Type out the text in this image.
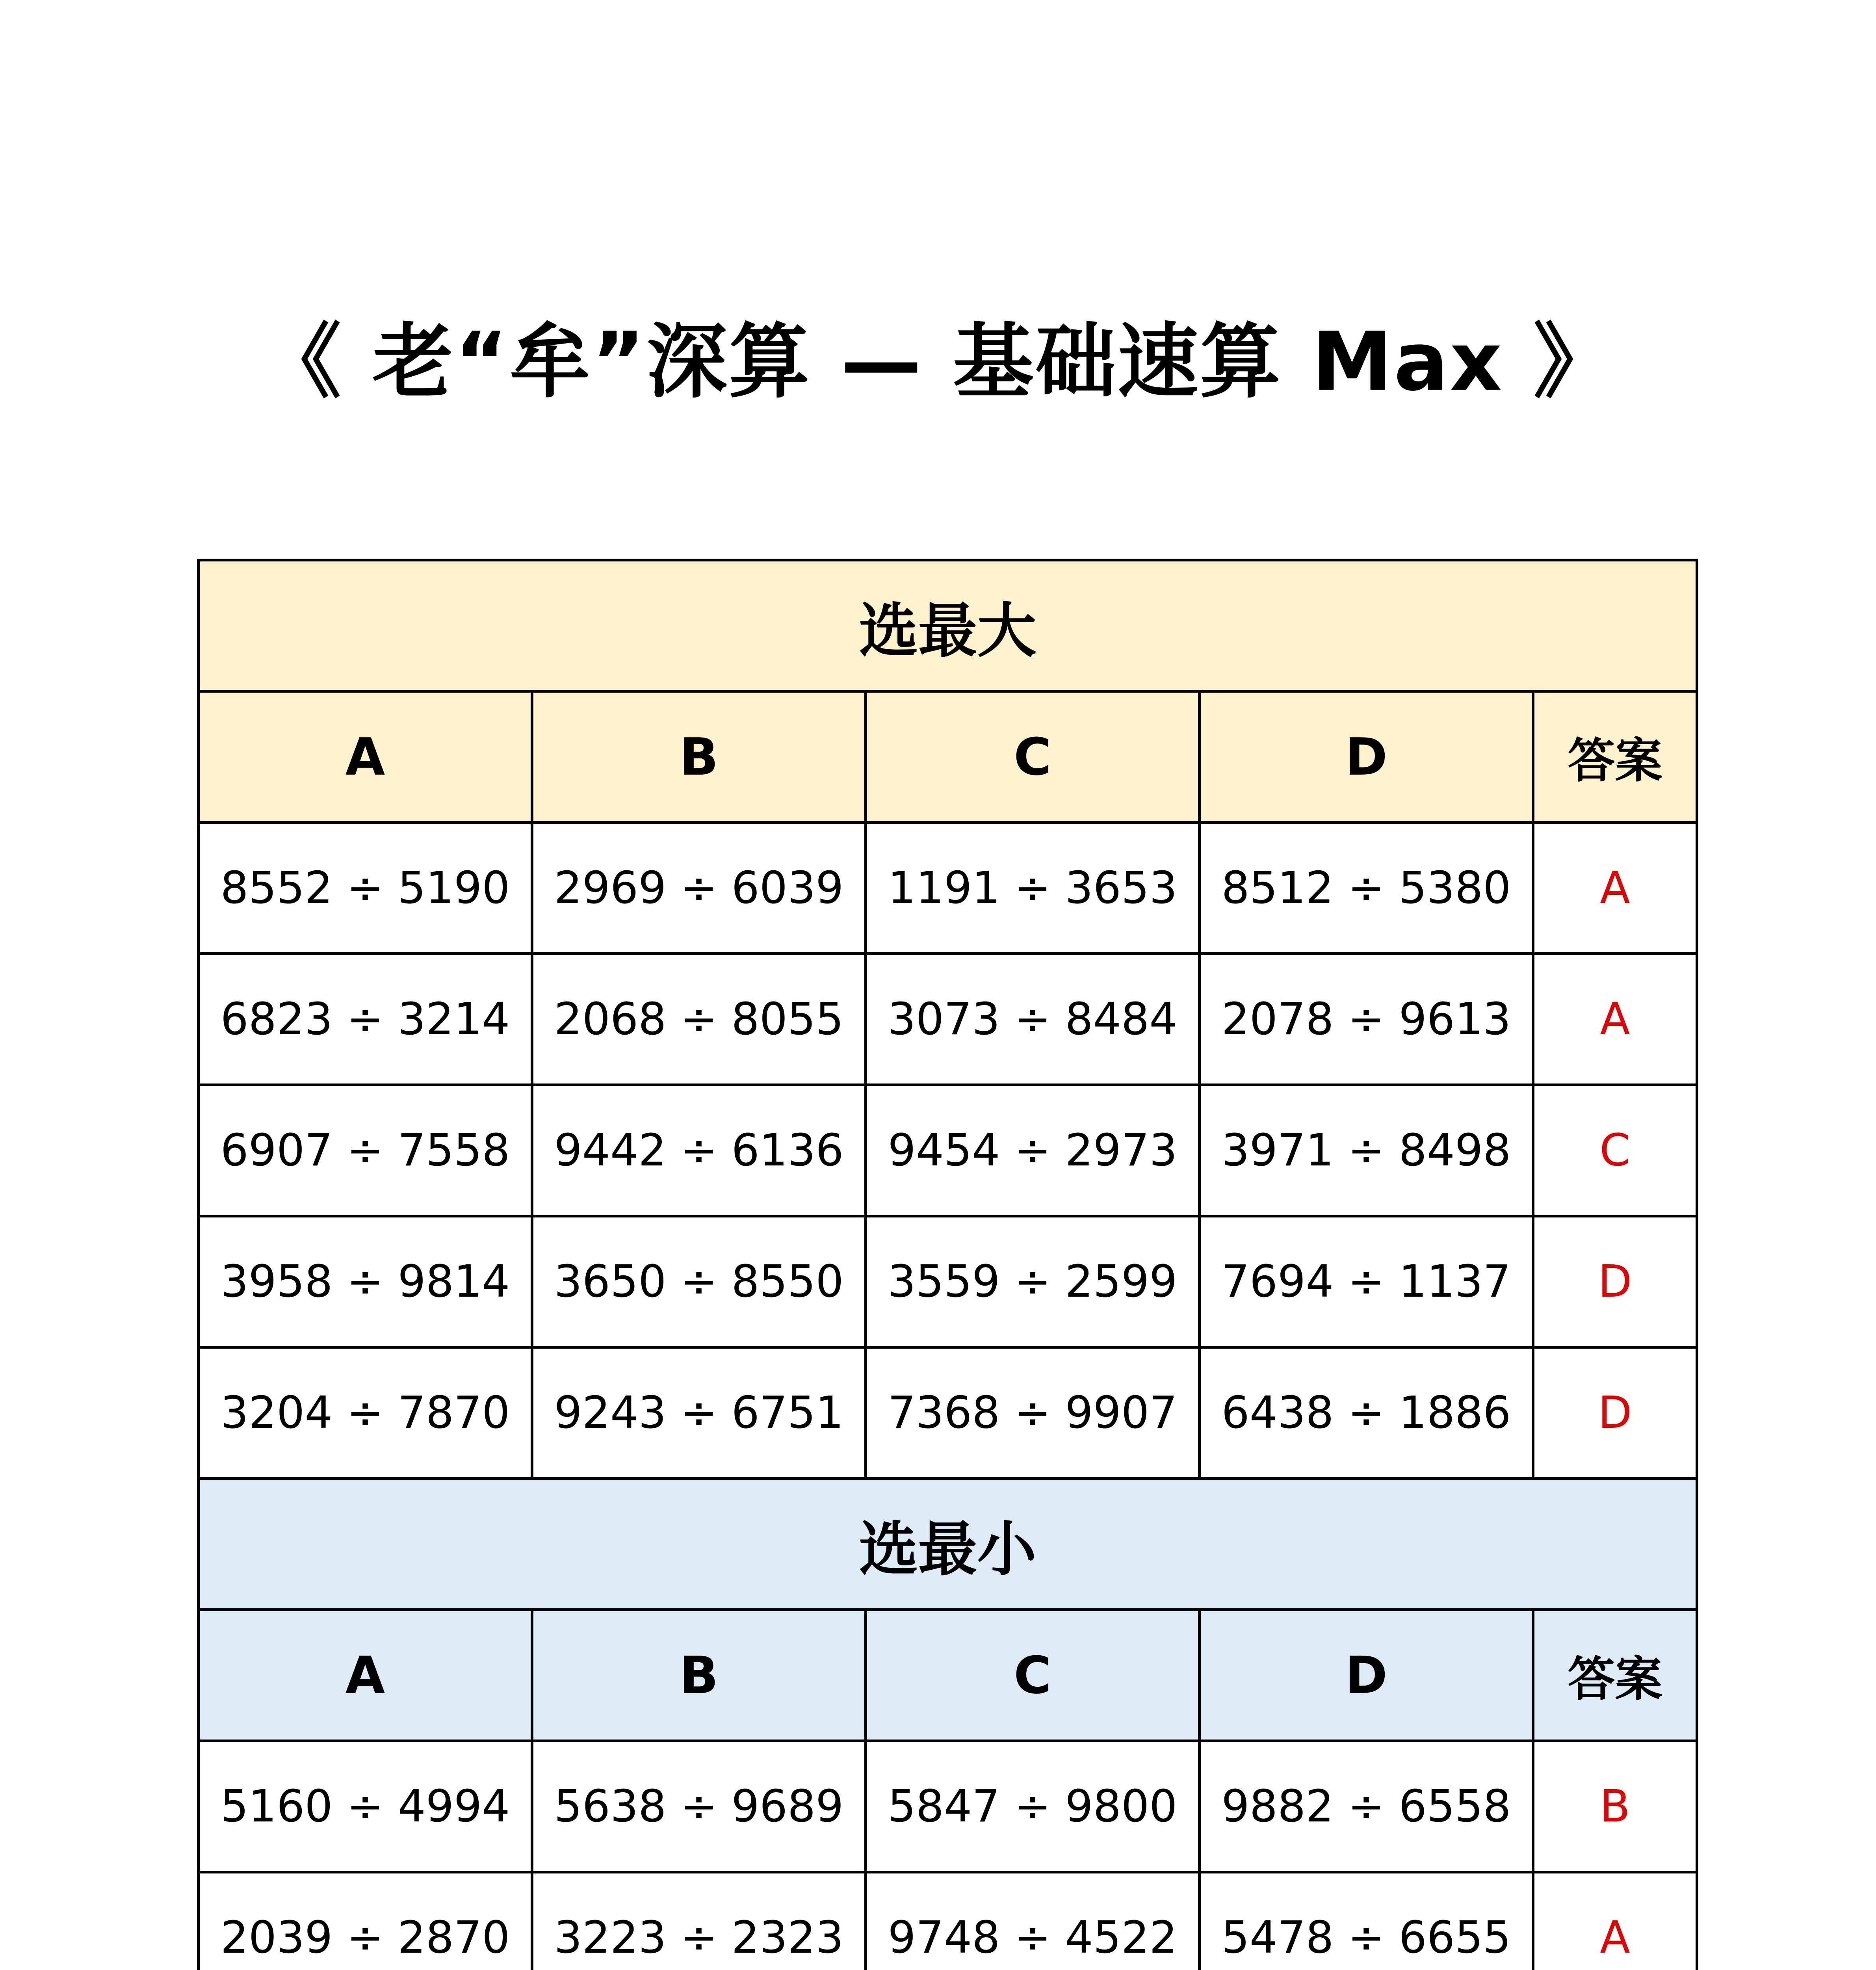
《 老“牟”深算 — 基础速算 Max 》
选最大				
A	B	C	D	答案
8552 ÷ 5190	2969 ÷ 6039	1191 ÷ 3653	8512 ÷ 5380	A
6823 ÷ 3214	2068 ÷ 8055	3073 ÷ 8484	2078 ÷ 9613	A
6907 ÷ 7558	9442 ÷ 6136	9454 ÷ 2973	3971 ÷ 8498	C
3958 ÷ 9814	3650 ÷ 8550	3559 ÷ 2599	7694 ÷ 1137	D
3204 ÷ 7870	9243 ÷ 6751	7368 ÷ 9907	6438 ÷ 1886	D
选最小				
A	B	C	D	答案
5160 ÷ 4994	5638 ÷ 9689	5847 ÷ 9800	9882 ÷ 6558	B
2039 ÷ 2870	3223 ÷ 2323	9748 ÷ 4522	5478 ÷ 6655	A
